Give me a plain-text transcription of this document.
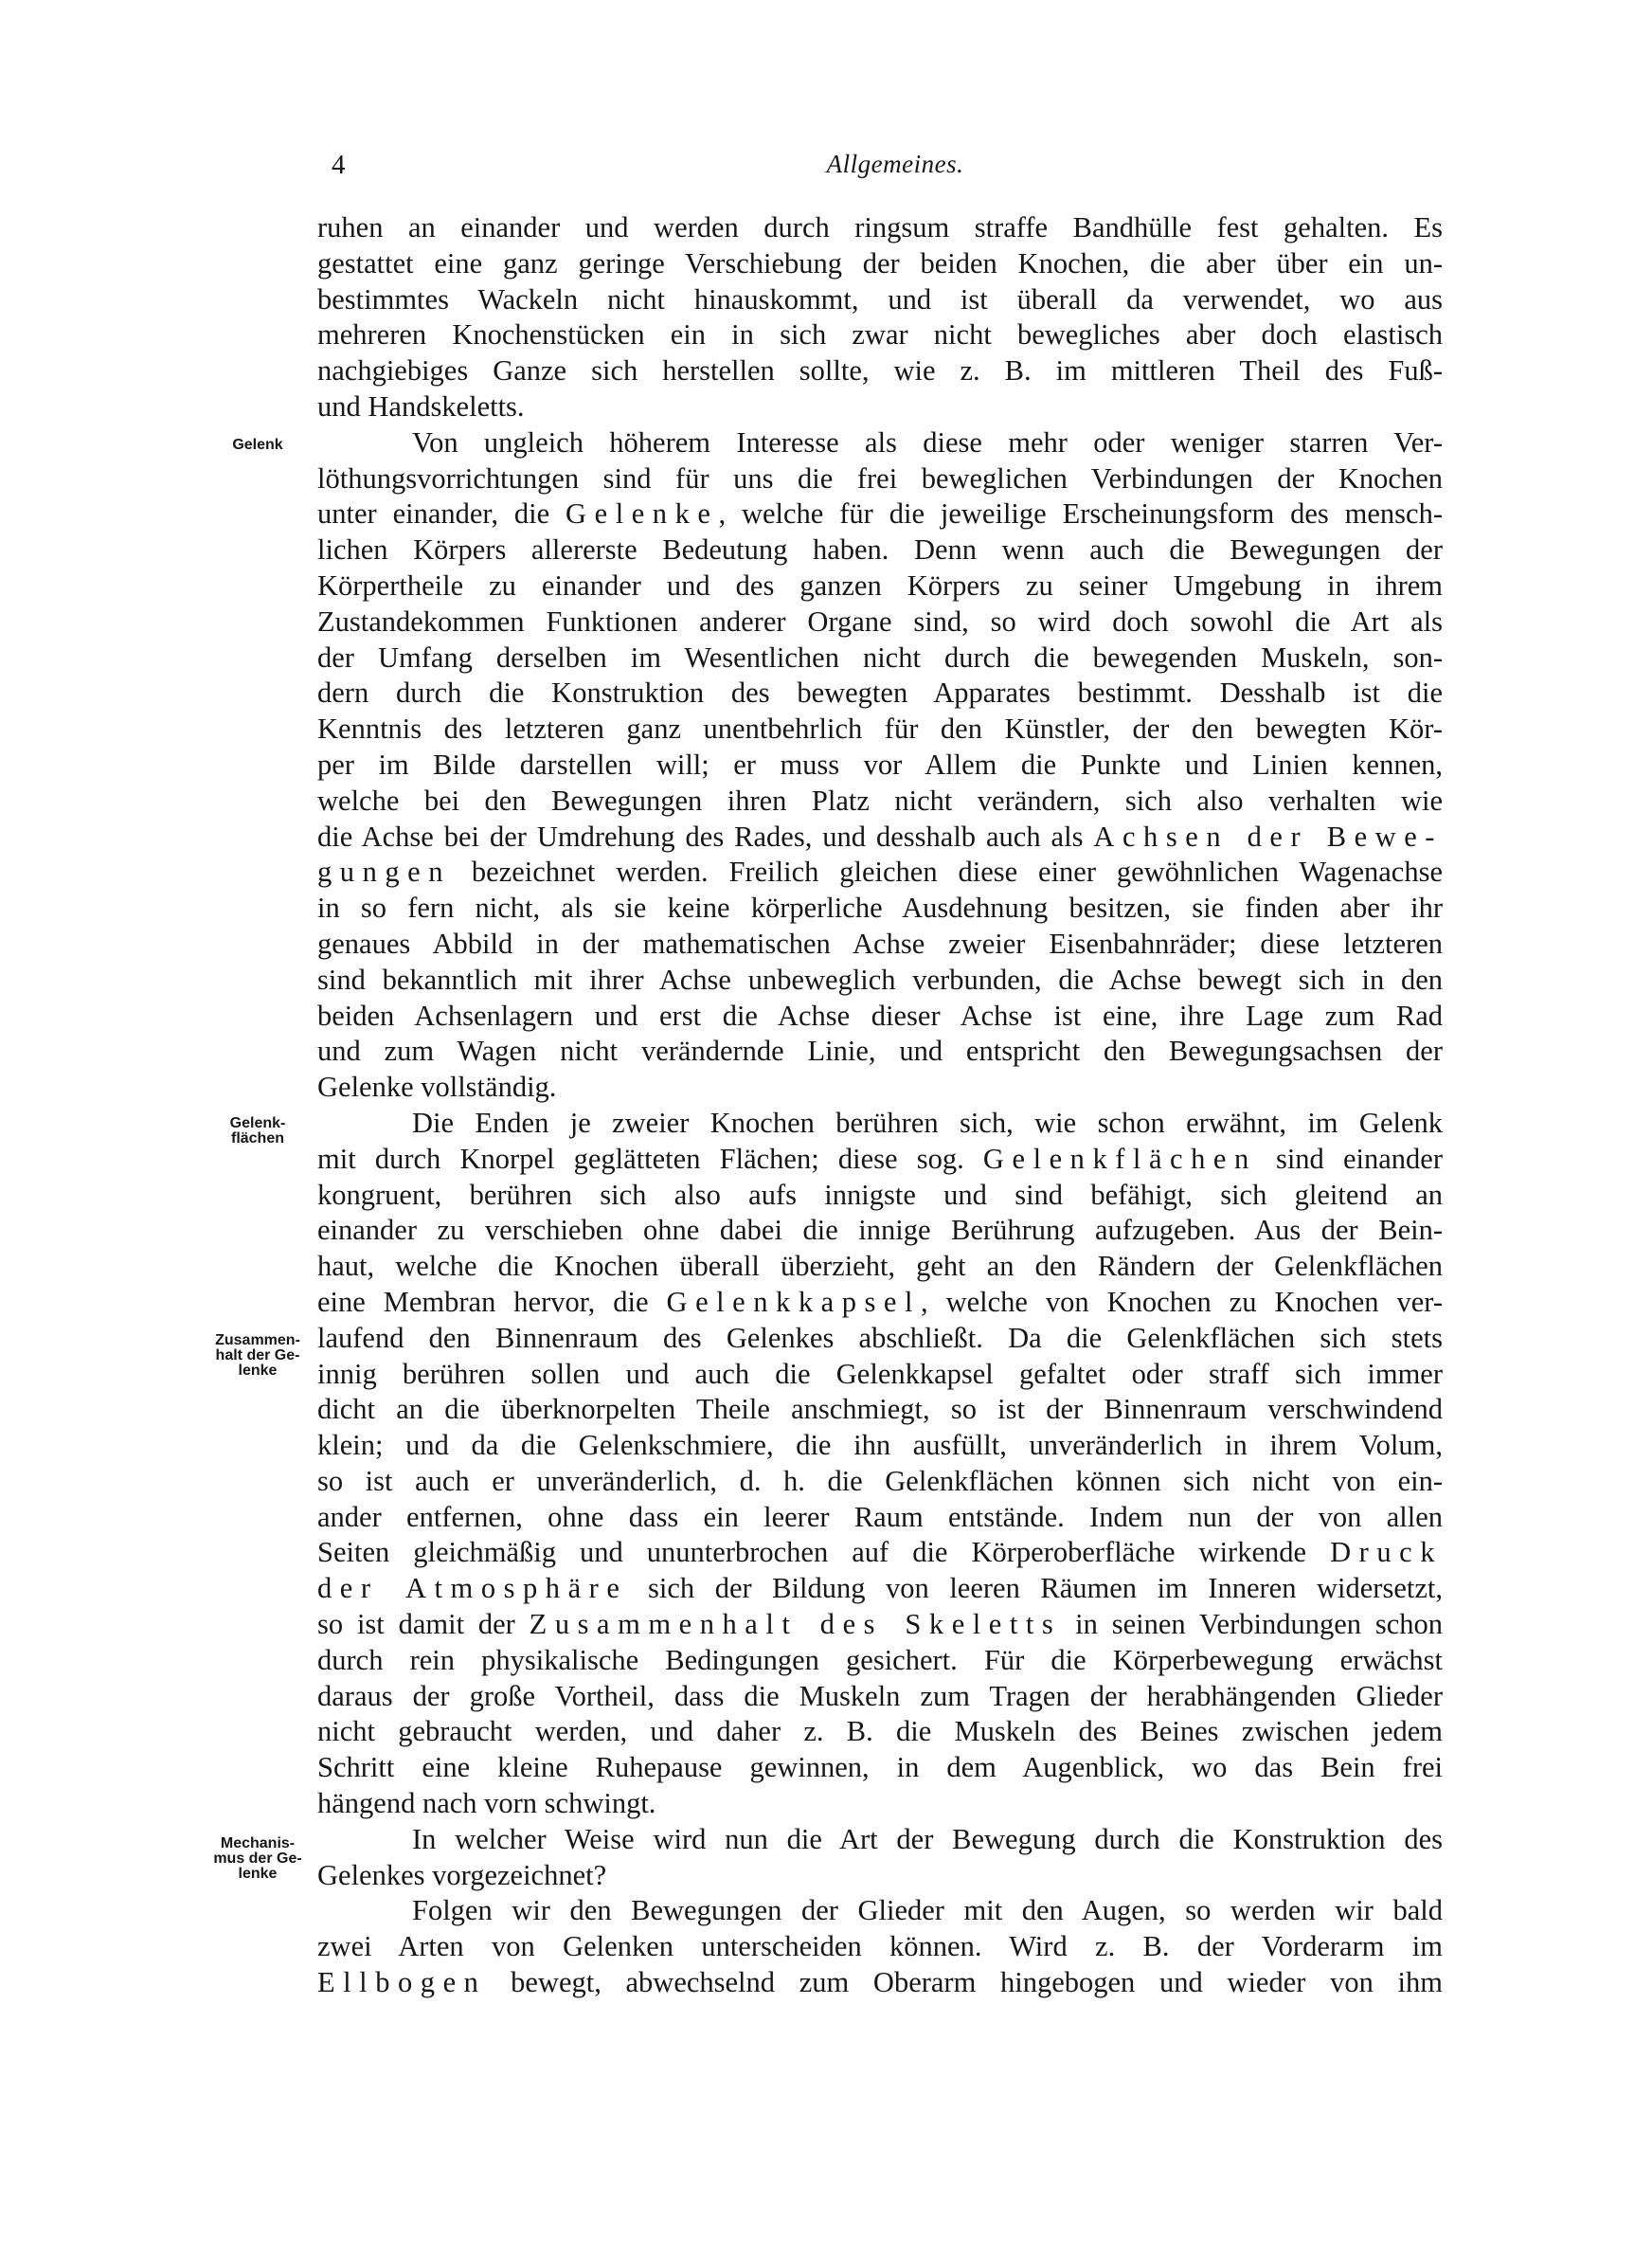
4	Allgemeines.
Gelenk
Gelenk-
flächen
Zusammen-
halt der Ge-
lenke
Mechanis-
mus der Ge-
lenke
ruhen an einander und werden durch ringsum straffe Bandhülle fest gehalten. Es
gestattet eine ganz geringe Verschiebung der beiden Knochen, die aber über ein un-
bestimmtes Wackeln nicht hinauskommt, und ist überall da verwendet, wo aus
mehreren Knochenstücken ein in sich zwar nicht bewegliches aber doch elastisch
nachgiebiges Ganze sich herstellen sollte, wie z. B. im mittleren Theil des Fuß-
und Handskeletts.
Von ungleich höherem Interesse als diese mehr oder weniger starren Ver-
löthungsvorrichtungen sind für uns die frei beweglichen Verbindungen der Knochen
unter einander, die Gelenke, welche für die jeweilige Erscheinungsform des mensch-
lichen Körpers allererste Bedeutung haben. Denn wenn auch die Bewegungen der
Körpertheile zu einander und des ganzen Körpers zu seiner Umgebung in ihrem
Zustandekommen Funktionen anderer Organe sind, so wird doch sowohl die Art als
der Umfang derselben im Wesentlichen nicht durch die bewegenden Muskeln, son-
dern durch die Konstruktion des bewegten Apparates bestimmt. Desshalb ist die
Kenntnis des letzteren ganz unentbehrlich für den Künstler, der den bewegten Kör-
per im Bilde darstellen will; er muss vor Allem die Punkte und Linien kennen,
welche bei den Bewegungen ihren Platz nicht verändern, sich also verhalten wie
die Achse bei der Umdrehung des Rades, und desshalb auch als Achsen der Bewe-
gungen bezeichnet werden. Freilich gleichen diese einer gewöhnlichen Wagenachse
in so fern nicht, als sie keine körperliche Ausdehnung besitzen, sie finden aber ihr
genaues Abbild in der mathematischen Achse zweier Eisenbahnräder; diese letzteren
sind bekanntlich mit ihrer Achse unbeweglich verbunden, die Achse bewegt sich in den
beiden Achsenlagern und erst die Achse dieser Achse ist eine, ihre Lage zum Rad
und zum Wagen nicht verändernde Linie, und entspricht den Bewegungsachsen der
Gelenke vollständig.
Die Enden je zweier Knochen berühren sich, wie schon erwähnt, im Gelenk
mit durch Knorpel geglätteten Flächen; diese sog. Gelenkflächen sind einander
kongruent, berühren sich also aufs innigste und sind befähigt, sich gleitend an
einander zu verschieben ohne dabei die innige Berührung aufzugeben. Aus der Bein-
haut, welche die Knochen überall überzieht, geht an den Rändern der Gelenkflächen
eine Membran hervor, die Gelenkkapsel, welche von Knochen zu Knochen ver-
laufend den Binnenraum des Gelenkes abschließt. Da die Gelenkflächen sich stets
innig berühren sollen und auch die Gelenkkapsel gefaltet oder straff sich immer
dicht an die überknorpelten Theile anschmiegt, so ist der Binnenraum verschwindend
klein; und da die Gelenkschmiere, die ihn ausfüllt, unveränderlich in ihrem Volum,
so ist auch er unveränderlich, d. h. die Gelenkflächen können sich nicht von ein-
ander entfernen, ohne dass ein leerer Raum entstände. Indem nun der von allen
Seiten gleichmäßig und ununterbrochen auf die Körperoberfläche wirkende Druck
der Atmosphäre sich der Bildung von leeren Räumen im Inneren widersetzt,
so ist damit der Zusammenhalt des Skeletts in seinen Verbindungen schon
durch rein physikalische Bedingungen gesichert. Für die Körperbewegung erwächst
daraus der große Vortheil, dass die Muskeln zum Tragen der herabhängenden Glieder
nicht gebraucht werden, und daher z. B. die Muskeln des Beines zwischen jedem
Schritt eine kleine Ruhepause gewinnen, in dem Augenblick, wo das Bein frei
hängend nach vorn schwingt.
In welcher Weise wird nun die Art der Bewegung durch die Konstruktion des
Gelenkes vorgezeichnet?
Folgen wir den Bewegungen der Glieder mit den Augen, so werden wir bald
zwei Arten von Gelenken unterscheiden können. Wird z. B. der Vorderarm im
Ellbogen bewegt, abwechselnd zum Oberarm hingebogen und wieder von ihm
